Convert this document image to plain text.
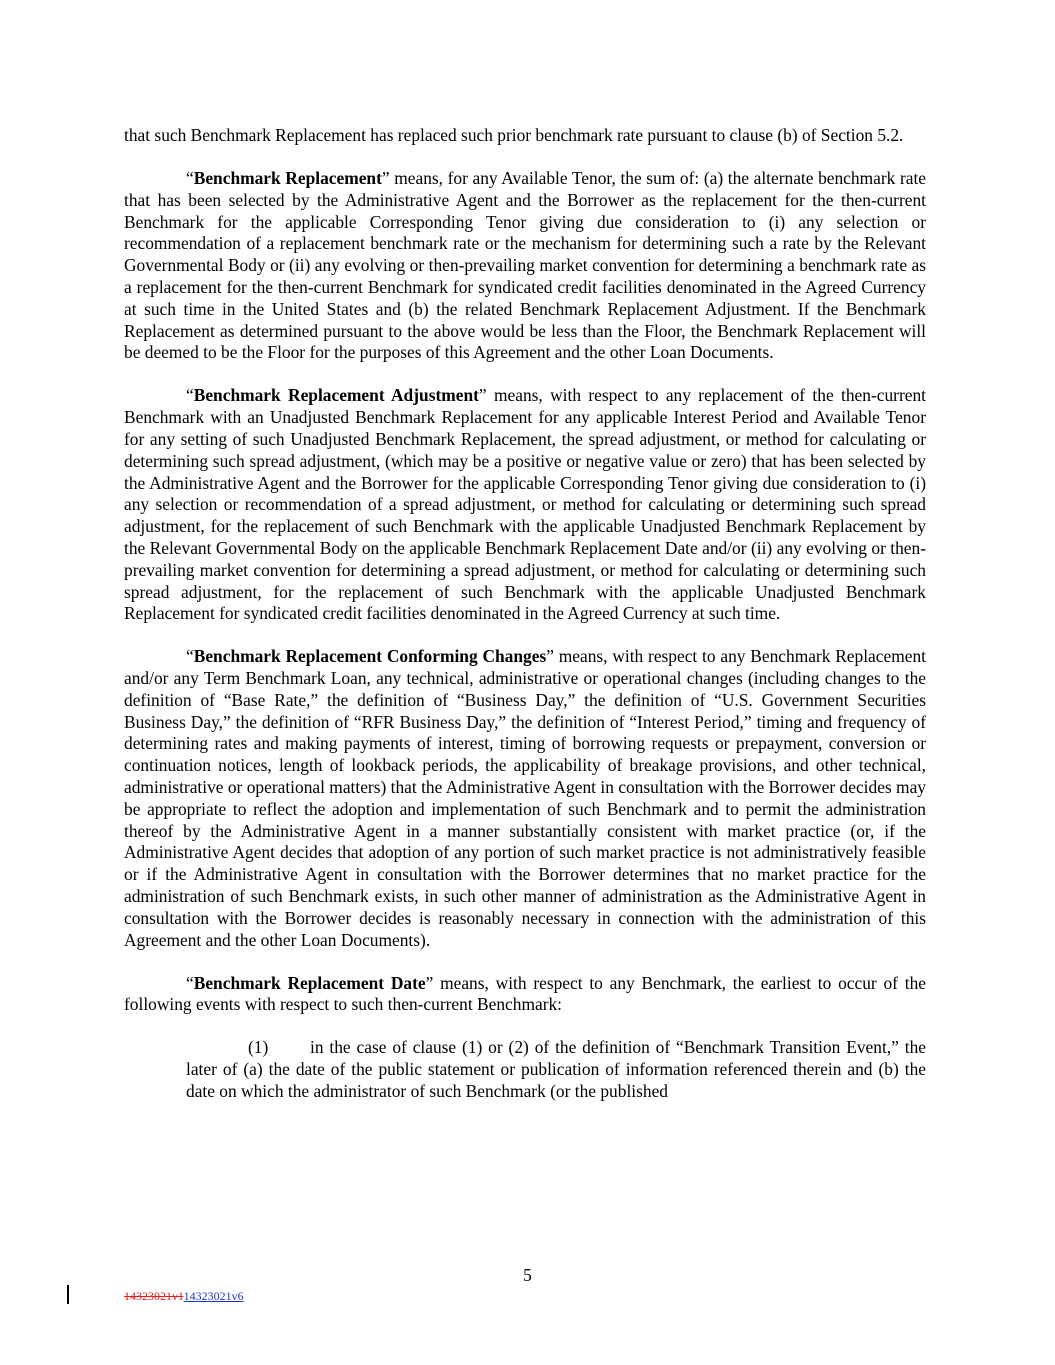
that such Benchmark Replacement has replaced such prior benchmark rate pursuant to clause (b) of Section 5.2.

“Benchmark Replacement” means, for any Available Tenor, the sum of: (a) the alternate benchmark rate that has been selected by the Administrative Agent and the Borrower as the replacement for the then-current Benchmark for the applicable Corresponding Tenor giving due consideration to (i) any selection or recommendation of a replacement benchmark rate or the mechanism for determining such a rate by the Relevant Governmental Body or (ii) any evolving or then-prevailing market convention for determining a benchmark rate as a replacement for the then-current Benchmark for syndicated credit facilities denominated in the Agreed Currency at such time in the United States and (b) the related Benchmark Replacement Adjustment. If the Benchmark Replacement as determined pursuant to the above would be less than the Floor, the Benchmark Replacement will be deemed to be the Floor for the purposes of this Agreement and the other Loan Documents.

“Benchmark Replacement Adjustment” means, with respect to any replacement of the then-current Benchmark with an Unadjusted Benchmark Replacement for any applicable Interest Period and Available Tenor for any setting of such Unadjusted Benchmark Replacement, the spread adjustment, or method for calculating or determining such spread adjustment, (which may be a positive or negative value or zero) that has been selected by the Administrative Agent and the Borrower for the applicable Corresponding Tenor giving due consideration to (i) any selection or recommendation of a spread adjustment, or method for calculating or determining such spread adjustment, for the replacement of such Benchmark with the applicable Unadjusted Benchmark Replacement by the Relevant Governmental Body on the applicable Benchmark Replacement Date and/or (ii) any evolving or then-prevailing market convention for determining a spread adjustment, or method for calculating or determining such spread adjustment, for the replacement of such Benchmark with the applicable Unadjusted Benchmark Replacement for syndicated credit facilities denominated in the Agreed Currency at such time.

“Benchmark Replacement Conforming Changes” means, with respect to any Benchmark Replacement and/or any Term Benchmark Loan, any technical, administrative or operational changes (including changes to the definition of “Base Rate,” the definition of “Business Day,” the definition of “U.S. Government Securities Business Day,” the definition of “RFR Business Day,” the definition of “Interest Period,” timing and frequency of determining rates and making payments of interest, timing of borrowing requests or prepayment, conversion or continuation notices, length of lookback periods, the applicability of breakage provisions, and other technical, administrative or operational matters) that the Administrative Agent in consultation with the Borrower decides may be appropriate to reflect the adoption and implementation of such Benchmark and to permit the administration thereof by the Administrative Agent in a manner substantially consistent with market practice (or, if the Administrative Agent decides that adoption of any portion of such market practice is not administratively feasible or if the Administrative Agent in consultation with the Borrower determines that no market practice for the administration of such Benchmark exists, in such other manner of administration as the Administrative Agent in consultation with the Borrower decides is reasonably necessary in connection with the administration of this Agreement and the other Loan Documents).

“Benchmark Replacement Date” means, with respect to any Benchmark, the earliest to occur of the following events with respect to such then-current Benchmark:

(1) in the case of clause (1) or (2) of the definition of “Benchmark Transition Event,” the later of (a) the date of the public statement or publication of information referenced therein and (b) the date on which the administrator of such Benchmark (or the published

5
14323021v114323021v6
